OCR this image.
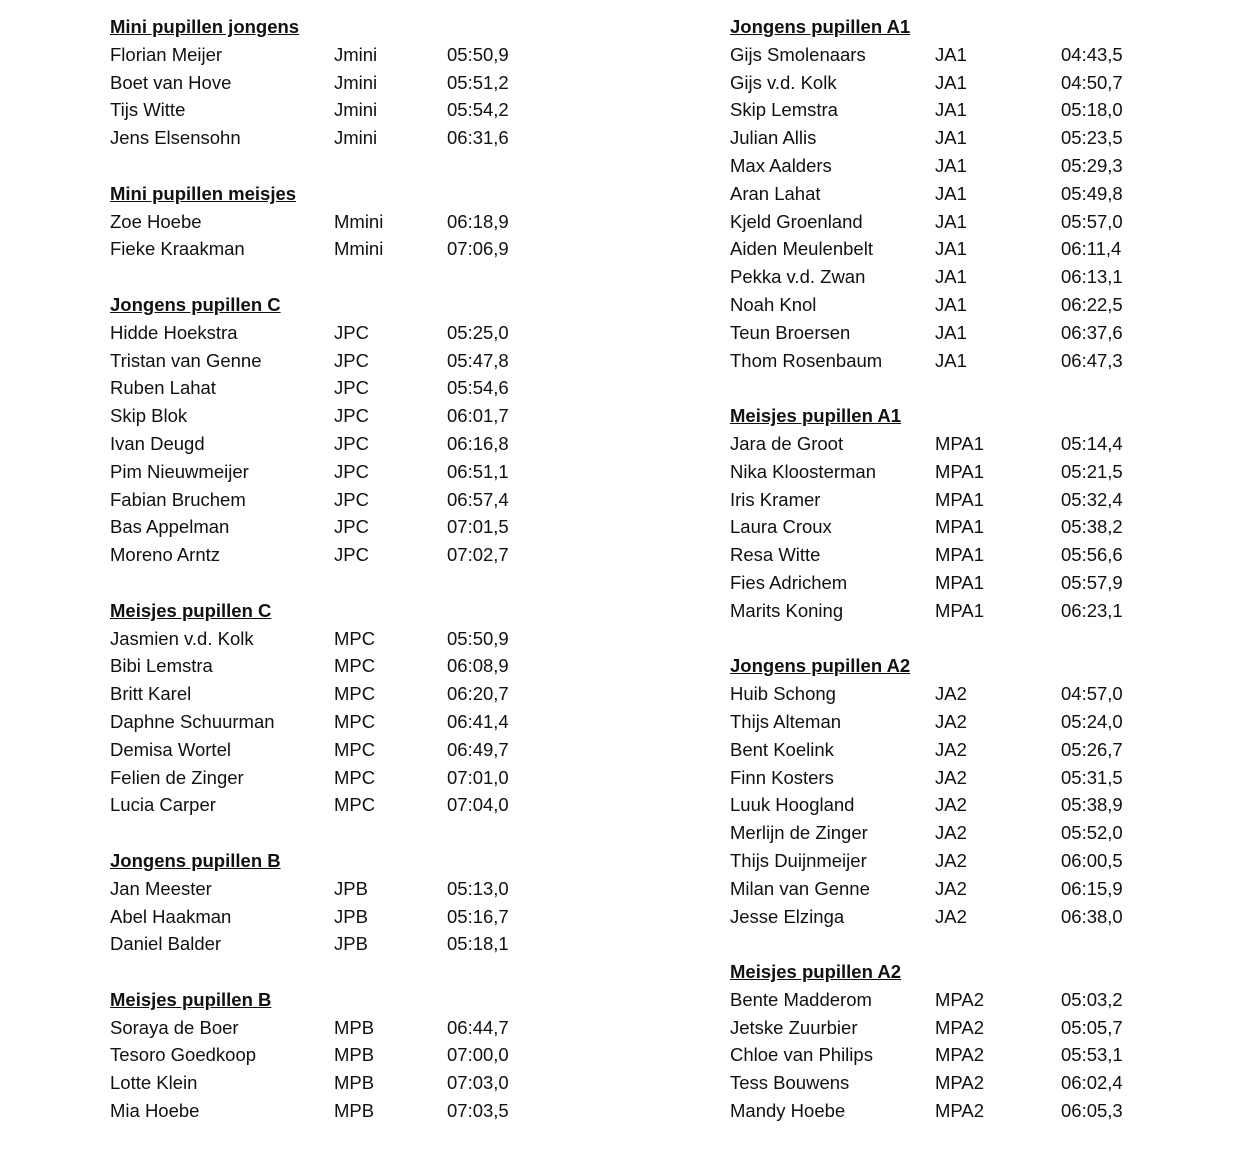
Mini pupillen jongens
Florian Meijer	Jmini	05:50,9
Boet van Hove	Jmini	05:51,2
Tijs Witte	Jmini	05:54,2
Jens Elsensohn	Jmini	06:31,6
Mini pupillen meisjes
Zoe Hoebe	Mmini	06:18,9
Fieke Kraakman	Mmini	07:06,9
Jongens pupillen C
Hidde Hoekstra	JPC	05:25,0
Tristan van Genne	JPC	05:47,8
Ruben Lahat	JPC	05:54,6
Skip Blok	JPC	06:01,7
Ivan Deugd	JPC	06:16,8
Pim Nieuwmeijer	JPC	06:51,1
Fabian Bruchem	JPC	06:57,4
Bas Appelman	JPC	07:01,5
Moreno Arntz	JPC	07:02,7
Meisjes pupillen C
Jasmien v.d. Kolk	MPC	05:50,9
Bibi Lemstra	MPC	06:08,9
Britt Karel	MPC	06:20,7
Daphne Schuurman	MPC	06:41,4
Demisa Wortel	MPC	06:49,7
Felien de Zinger	MPC	07:01,0
Lucia Carper	MPC	07:04,0
Jongens pupillen B
Jan Meester	JPB	05:13,0
Abel Haakman	JPB	05:16,7
Daniel Balder	JPB	05:18,1
Meisjes pupillen B
Soraya de Boer	MPB	06:44,7
Tesoro Goedkoop	MPB	07:00,0
Lotte Klein	MPB	07:03,0
Mia Hoebe	MPB	07:03,5
Jongens pupillen A1
Gijs Smolenaars	JA1	04:43,5
Gijs v.d. Kolk	JA1	04:50,7
Skip Lemstra	JA1	05:18,0
Julian Allis	JA1	05:23,5
Max Aalders	JA1	05:29,3
Aran Lahat	JA1	05:49,8
Kjeld Groenland	JA1	05:57,0
Aiden Meulenbelt	JA1	06:11,4
Pekka v.d. Zwan	JA1	06:13,1
Noah Knol	JA1	06:22,5
Teun Broersen	JA1	06:37,6
Thom Rosenbaum	JA1	06:47,3
Meisjes pupillen A1
Jara de Groot	MPA1	05:14,4
Nika Kloosterman	MPA1	05:21,5
Iris Kramer	MPA1	05:32,4
Laura Croux	MPA1	05:38,2
Resa Witte	MPA1	05:56,6
Fies Adrichem	MPA1	05:57,9
Marits Koning	MPA1	06:23,1
Jongens pupillen A2
Huib Schong	JA2	04:57,0
Thijs Alteman	JA2	05:24,0
Bent Koelink	JA2	05:26,7
Finn Kosters	JA2	05:31,5
Luuk Hoogland	JA2	05:38,9
Merlijn de Zinger	JA2	05:52,0
Thijs Duijnmeijer	JA2	06:00,5
Milan van Genne	JA2	06:15,9
Jesse Elzinga	JA2	06:38,0
Meisjes pupillen A2
Bente Madderom	MPA2	05:03,2
Jetske Zuurbier	MPA2	05:05,7
Chloe van Philips	MPA2	05:53,1
Tess Bouwens	MPA2	06:02,4
Mandy Hoebe	MPA2	06:05,3
